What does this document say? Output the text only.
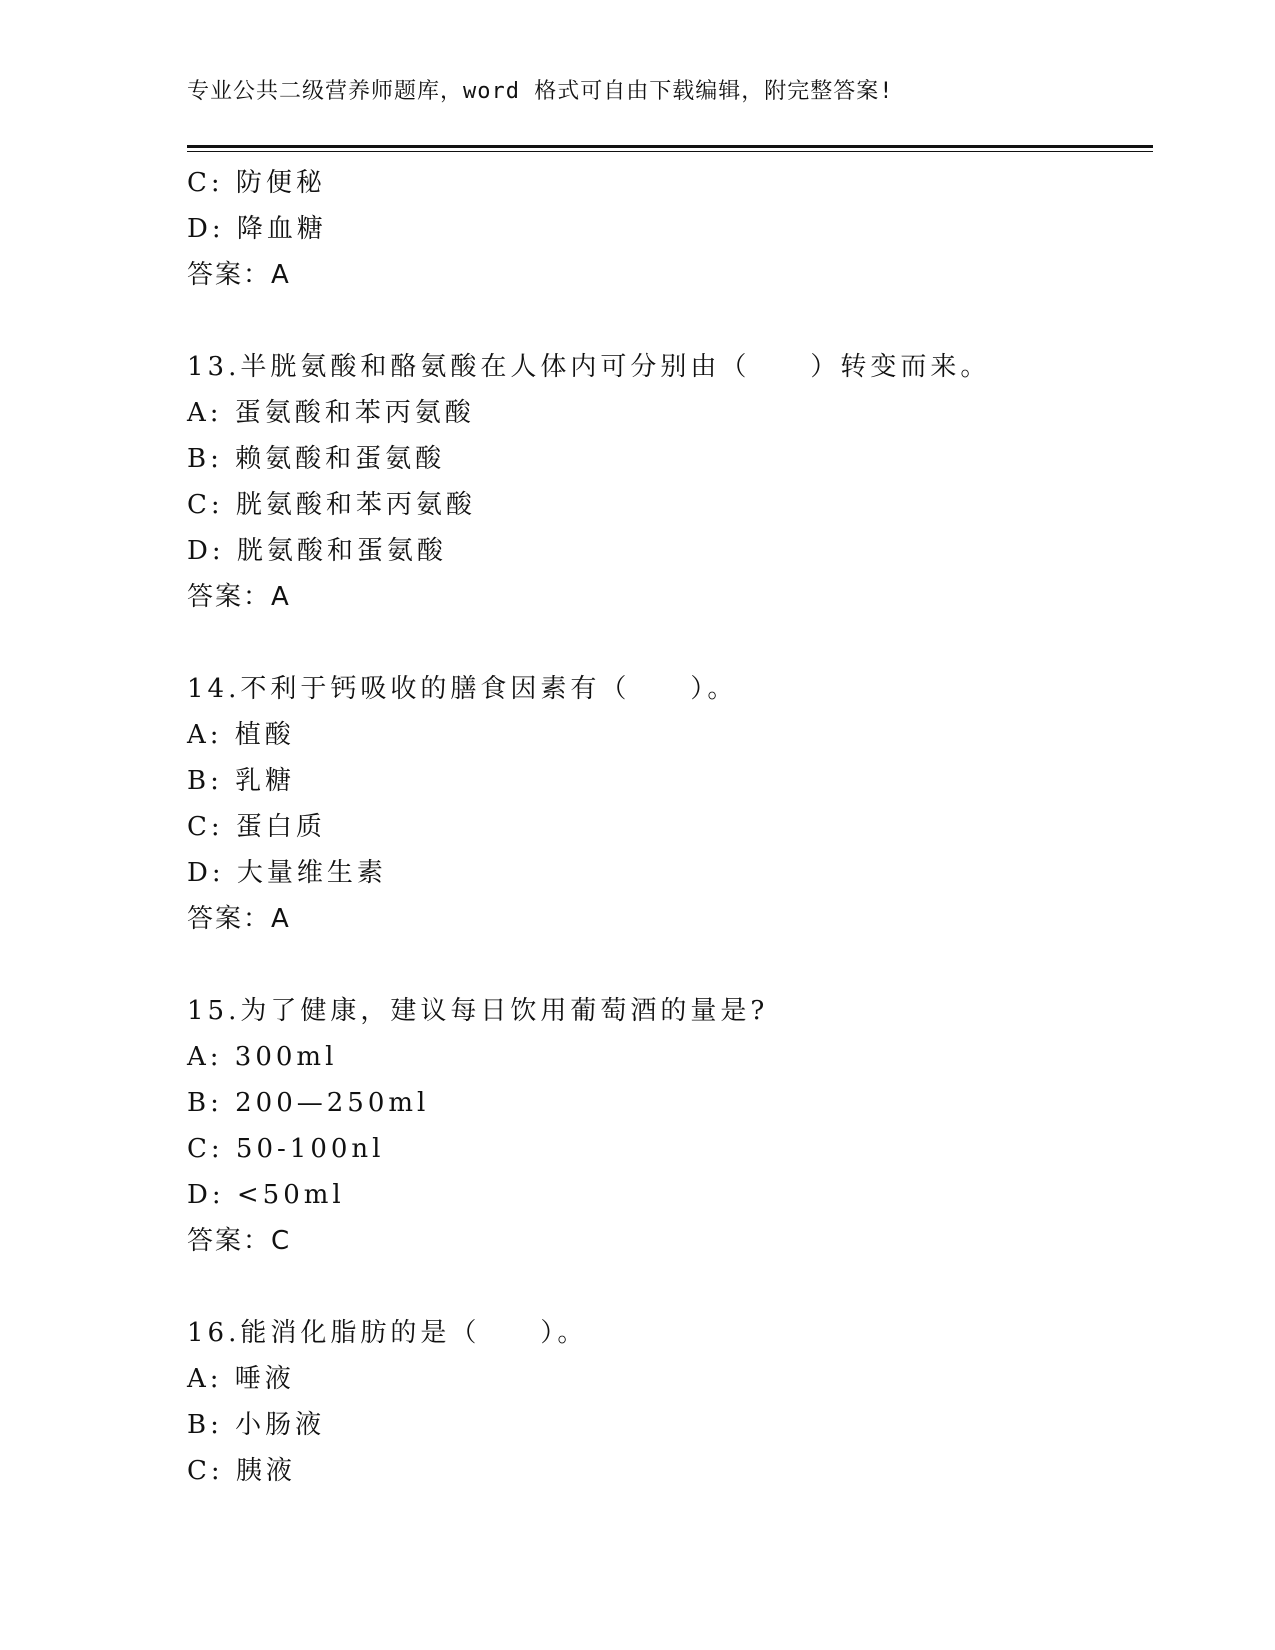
专业公共二级营养师题库，word 格式可自由下载编辑，附完整答案!
C: 防便秘
D: 降血糖
答案：A
13.半胱氨酸和酪氨酸在人体内可分别由（　　）转变而来。
A: 蛋氨酸和苯丙氨酸
B: 赖氨酸和蛋氨酸
C: 胱氨酸和苯丙氨酸
D: 胱氨酸和蛋氨酸
答案：A
14.不利于钙吸收的膳食因素有（　　）。
A: 植酸
B: 乳糖
C: 蛋白质
D: 大量维生素
答案：A
15.为了健康，建议每日饮用葡萄酒的量是?
A: 300ml
B: 200—250ml
C: 50-100nl
D: <50ml
答案：C
16.能消化脂肪的是（　　）。
A: 唾液
B: 小肠液
C: 胰液
